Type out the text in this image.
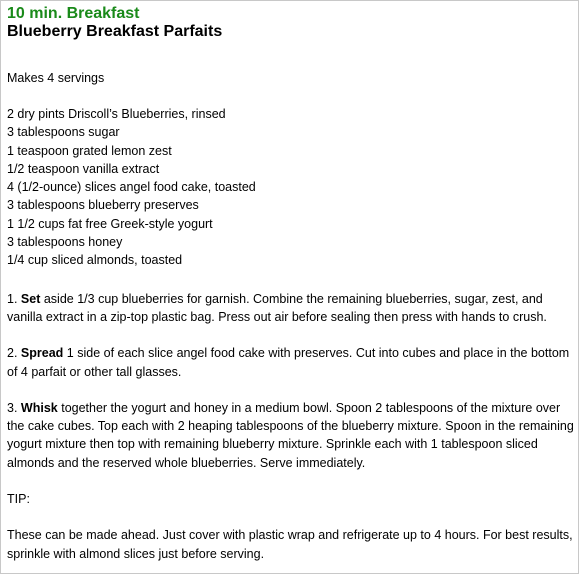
10 min. Breakfast
Blueberry Breakfast Parfaits

Makes 4 servings

2 dry pints Driscoll’s Blueberries, rinsed
3 tablespoons sugar
1 teaspoon grated lemon zest
1/2 teaspoon vanilla extract
4 (1/2-ounce) slices angel food cake, toasted
3 tablespoons blueberry preserves
1 1/2 cups fat free Greek-style yogurt
3 tablespoons honey
1/4 cup sliced almonds, toasted

1. Set aside 1/3 cup blueberries for garnish. Combine the remaining blueberries, sugar, zest, and vanilla extract in a zip-top plastic bag. Press out air before sealing then press with hands to crush.

2. Spread 1 side of each slice angel food cake with preserves. Cut into cubes and place in the bottom of 4 parfait or other tall glasses.

3. Whisk together the yogurt and honey in a medium bowl. Spoon 2 tablespoons of the mixture over the cake cubes. Top each with 2 heaping tablespoons of the blueberry mixture. Spoon in the remaining yogurt mixture then top with remaining blueberry mixture. Sprinkle each with 1 tablespoon sliced almonds and the reserved whole blueberries. Serve immediately.

TIP:

These can be made ahead. Just cover with plastic wrap and refrigerate up to 4 hours. For best results, sprinkle with almond slices just before serving.
